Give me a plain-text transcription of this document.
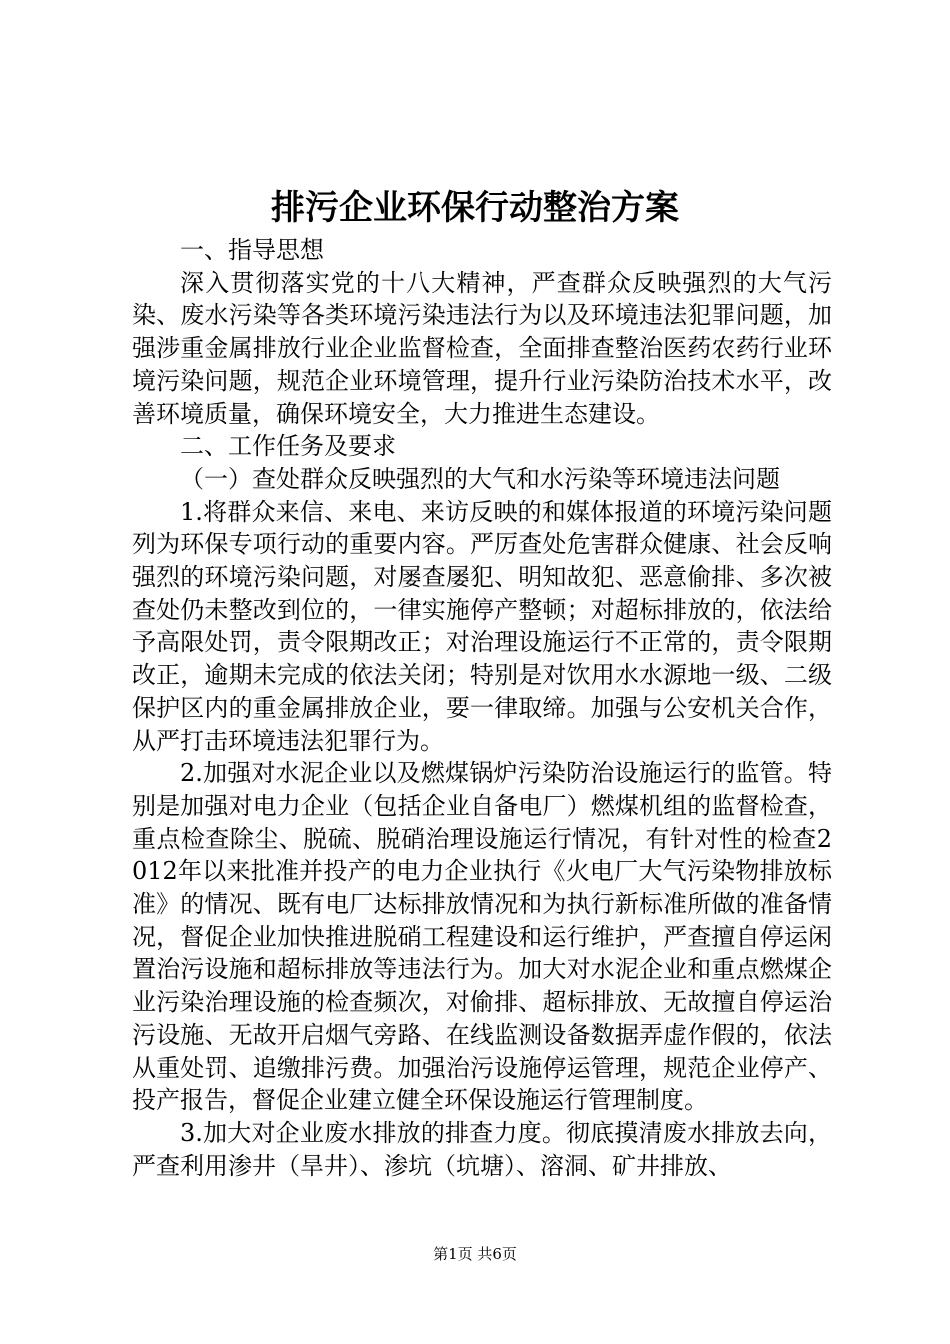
排污企业环保行动整治方案

一、指导思想

深入贯彻落实党的十八大精神，严查群众反映强烈的大气污染、废水污染等各类环境污染违法行为以及环境违法犯罪问题，加强涉重金属排放行业企业监督检查，全面排查整治医药农药行业环境污染问题，规范企业环境管理，提升行业污染防治技术水平，改善环境质量，确保环境安全，大力推进生态建设。

二、工作任务及要求

（一）查处群众反映强烈的大气和水污染等环境违法问题

1.将群众来信、来电、来访反映的和媒体报道的环境污染问题列为环保专项行动的重要内容。严厉查处危害群众健康、社会反响强烈的环境污染问题，对屡查屡犯、明知故犯、恶意偷排、多次被查处仍未整改到位的，一律实施停产整顿；对超标排放的，依法给予高限处罚，责令限期改正；对治理设施运行不正常的，责令限期改正，逾期未完成的依法关闭；特别是对饮用水水源地一级、二级保护区内的重金属排放企业，要一律取缔。加强与公安机关合作，从严打击环境违法犯罪行为。

2.加强对水泥企业以及燃煤锅炉污染防治设施运行的监管。特别是加强对电力企业（包括企业自备电厂）燃煤机组的监督检查，重点检查除尘、脱硫、脱硝治理设施运行情况，有针对性的检查2012年以来批准并投产的电力企业执行《火电厂大气污染物排放标准》的情况、既有电厂达标排放情况和为执行新标准所做的准备情况，督促企业加快推进脱硝工程建设和运行维护，严查擅自停运闲置治污设施和超标排放等违法行为。加大对水泥企业和重点燃煤企业污染治理设施的检查频次，对偷排、超标排放、无故擅自停运治污设施、无故开启烟气旁路、在线监测设备数据弄虚作假的，依法从重处罚、追缴排污费。加强治污设施停运管理，规范企业停产、投产报告，督促企业建立健全环保设施运行管理制度。

3.加大对企业废水排放的排查力度。彻底摸清废水排放去向，严查利用渗井（旱井）、渗坑（坑塘）、溶洞、矿井排放、

第1页 共6页
